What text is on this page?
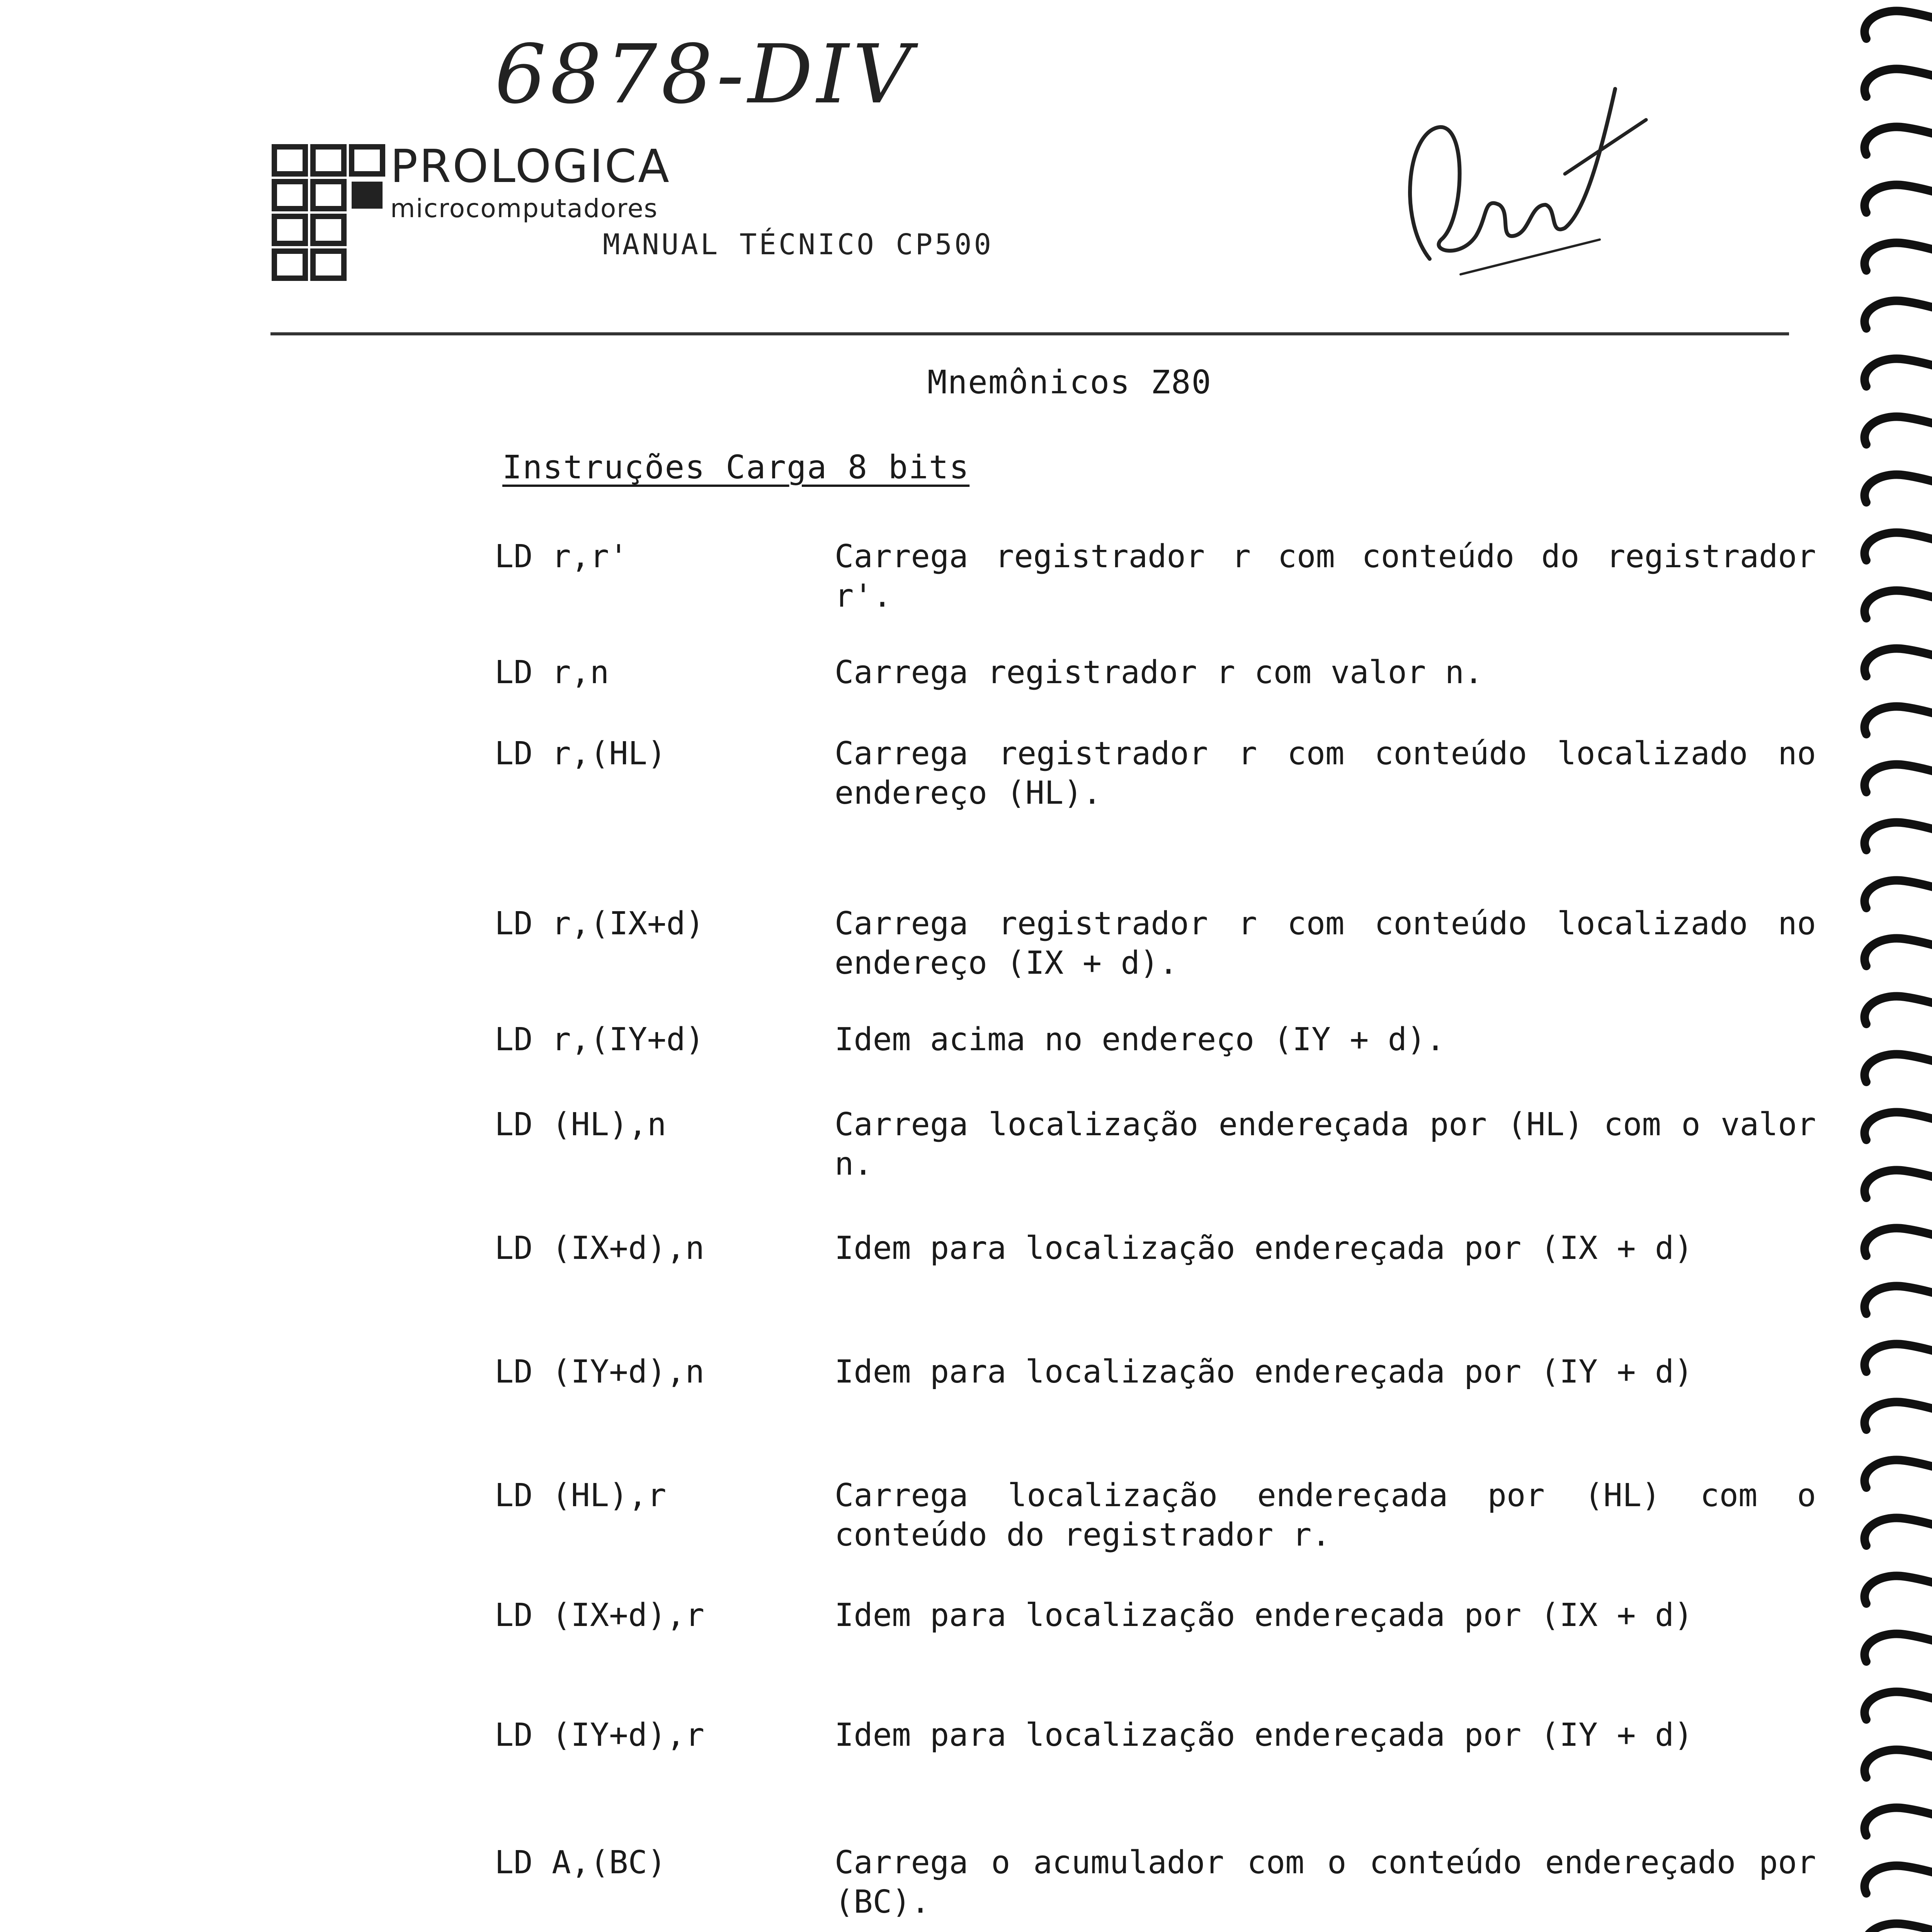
6878-DIV
PROLOGICA
microcomputadores
MANUAL TÉCNICO CP500
Mnemônicos Z80
Instruções Carga 8 bits
LD r,r'	Carrega registrador r com conteúdo do registrador r'.
LD r,n	Carrega registrador r com valor n.
LD r,(HL)	Carrega registrador r com conteúdo localizado no endereço (HL).
LD r,(IX+d)	Carrega registrador r com conteúdo localizado no endereço (IX + d).
LD r,(IY+d)	Idem acima no endereço (IY + d).
LD (HL),n	Carrega localização endereçada por (HL) com o valor n.
LD (IX+d),n	Idem para localização endereçada por (IX + d)
LD (IY+d),n	Idem para localização endereçada por (IY + d)
LD (HL),r	Carrega localização endereçada por (HL) com o conteúdo do registrador r.
LD (IX+d),r	Idem para localização endereçada por (IX + d)
LD (IY+d),r	Idem para localização endereçada por (IY + d)
LD A,(BC)	Carrega o acumulador com o conteúdo endereçado por (BC).
